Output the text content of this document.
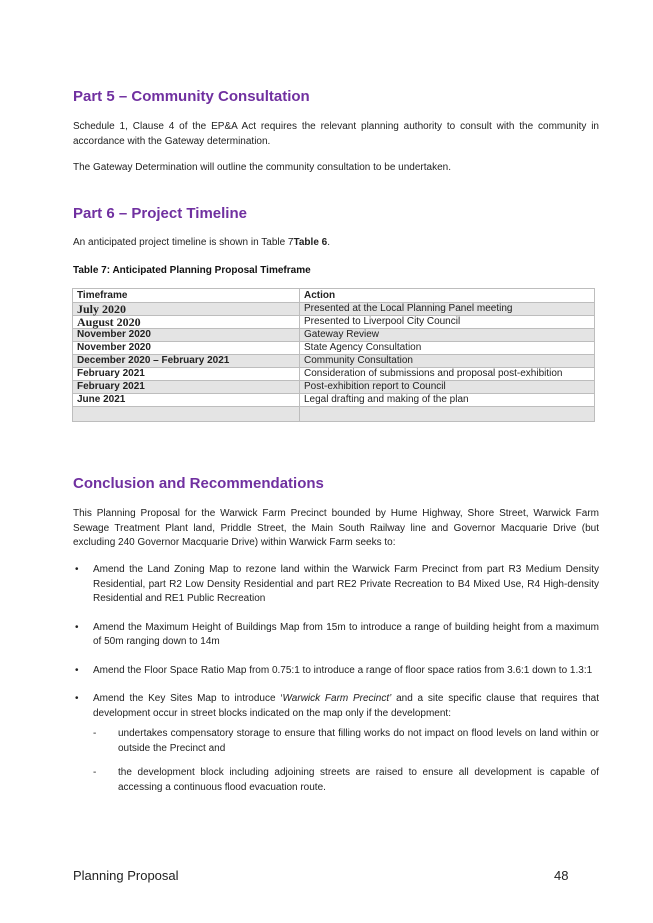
Part 5 – Community Consultation

Schedule 1, Clause 4 of the EP&A Act requires the relevant planning authority to consult with the community in accordance with the Gateway determination.

The Gateway Determination will outline the community consultation to be undertaken.

Part 6 – Project Timeline

An anticipated project timeline is shown in Table 7Table 6.

Table 7: Anticipated Planning Proposal Timeframe

Timeframe	Action
July 2020	Presented at the Local Planning Panel meeting
August 2020	Presented to Liverpool City Council
November 2020	Gateway Review
November 2020	State Agency Consultation
December 2020 – February 2021	Community Consultation
February 2021	Consideration of submissions and proposal post-exhibition
February 2021	Post-exhibition report to Council
June 2021	Legal drafting and making of the plan

Conclusion and Recommendations

This Planning Proposal for the Warwick Farm Precinct bounded by Hume Highway, Shore Street, Warwick Farm Sewage Treatment Plant land, Priddle Street, the Main South Railway line and Governor Macquarie Drive (but excluding 240 Governor Macquarie Drive) within Warwick Farm seeks to:

• Amend the Land Zoning Map to rezone land within the Warwick Farm Precinct from part R3 Medium Density Residential, part R2 Low Density Residential and part RE2 Private Recreation to B4 Mixed Use, R4 High-density Residential and RE1 Public Recreation
• Amend the Maximum Height of Buildings Map from 15m to introduce a range of building height from a maximum of 50m ranging down to 14m
• Amend the Floor Space Ratio Map from 0.75:1 to introduce a range of floor space ratios from 3.6:1 down to 1.3:1
• Amend the Key Sites Map to introduce ‘Warwick Farm Precinct’ and a site specific clause that requires that development occur in street blocks indicated on the map only if the development:
- undertakes compensatory storage to ensure that filling works do not impact on flood levels on land within or outside the Precinct and
- the development block including adjoining streets are raised to ensure all development is capable of accessing a continuous flood evacuation route.
Planning Proposal	48
